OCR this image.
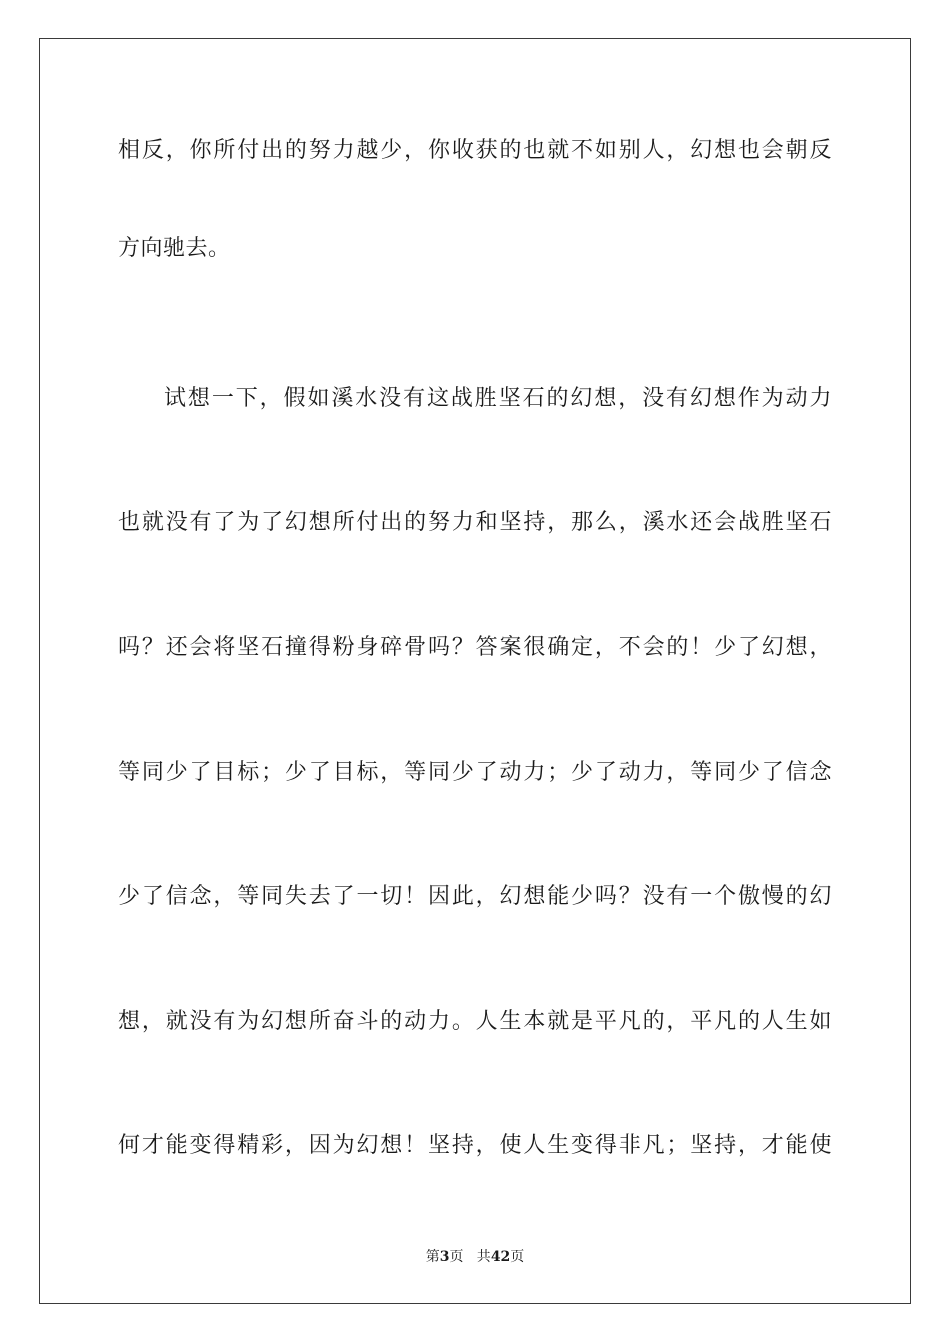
相反，你所付出的努力越少，你收获的也就不如别人，幻想也会朝反
方向驰去。
试想一下，假如溪水没有这战胜坚石的幻想，没有幻想作为动力
也就没有了为了幻想所付出的努力和坚持，那么，溪水还会战胜坚石
吗？还会将坚石撞得粉身碎骨吗？答案很确定，不会的！少了幻想，
等同少了目标；少了目标，等同少了动力；少了动力，等同少了信念
少了信念，等同失去了一切！因此，幻想能少吗？没有一个傲慢的幻
想，就没有为幻想所奋斗的动力。人生本就是平凡的，平凡的人生如
何才能变得精彩，因为幻想！坚持，使人生变得非凡；坚持，才能使
第3页   共42页
